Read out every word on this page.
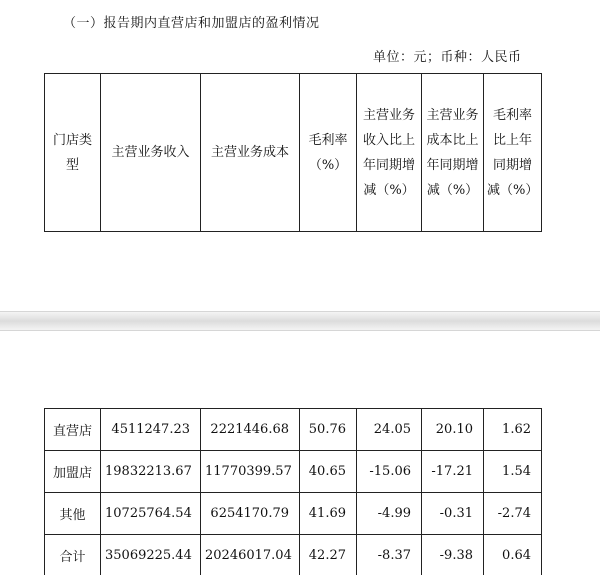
（一）报告期内直营店和加盟店的盈利情况
单位：元；币种：人民币
门店类型	主营业务收入	主营业务成本	毛利率（%）	主营业务收入比上年同期增减（%）	主营业务成本比上年同期增减（%）	毛利率比上年同期增减（%）
直营店	4511247.23	2221446.68	50.76	24.05	20.10	1.62
加盟店	19832213.67	11770399.57	40.65	-15.06	-17.21	1.54
其他	10725764.54	6254170.79	41.69	-4.99	-0.31	-2.74
合计	35069225.44	20246017.04	42.27	-8.37	-9.38	0.64
